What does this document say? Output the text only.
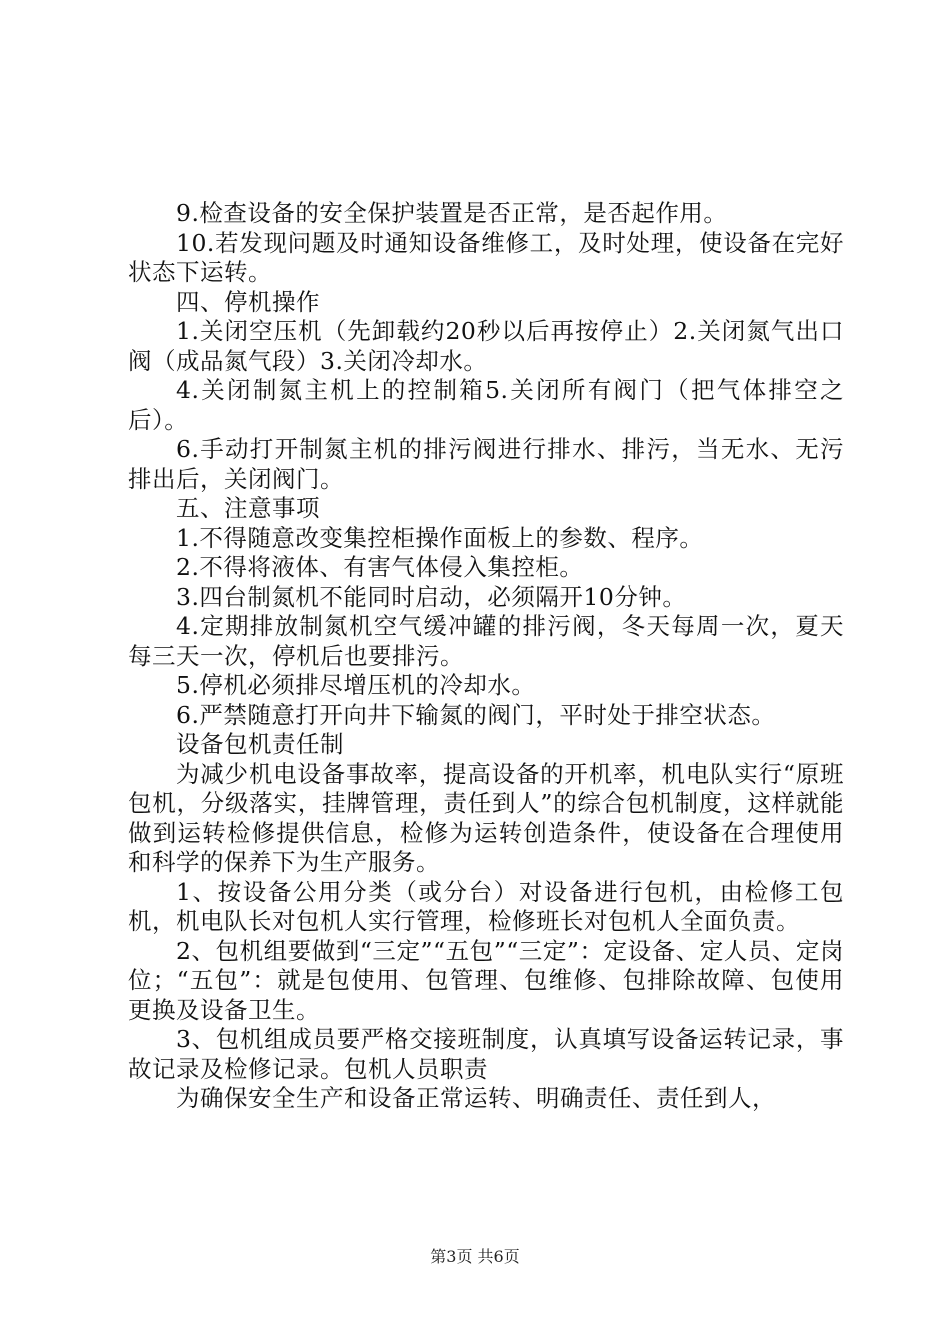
9.检查设备的安全保护装置是否正常，是否起作用。

10.若发现问题及时通知设备维修工，及时处理，使设备在完好状态下运转。

四、停机操作

1.关闭空压机（先卸载约20秒以后再按停止）2.关闭氮气出口阀（成品氮气段）3.关闭冷却水。

4.关闭制氮主机上的控制箱5.关闭所有阀门（把气体排空之后）。

6.手动打开制氮主机的排污阀进行排水、排污，当无水、无污排出后，关闭阀门。

五、注意事项

1.不得随意改变集控柜操作面板上的参数、程序。

2.不得将液体、有害气体侵入集控柜。

3.四台制氮机不能同时启动，必须隔开10分钟。

4.定期排放制氮机空气缓冲罐的排污阀，冬天每周一次，夏天每三天一次，停机后也要排污。

5.停机必须排尽增压机的冷却水。

6.严禁随意打开向井下输氮的阀门，平时处于排空状态。

设备包机责任制

为减少机电设备事故率，提高设备的开机率，机电队实行“原班包机，分级落实，挂牌管理，责任到人”的综合包机制度，这样就能做到运转检修提供信息，检修为运转创造条件，使设备在合理使用和科学的保养下为生产服务。

1、按设备公用分类（或分台）对设备进行包机，由检修工包机，机电队长对包机人实行管理，检修班长对包机人全面负责。

2、包机组要做到“三定”“五包”“三定”：定设备、定人员、定岗位；“五包”：就是包使用、包管理、包维修、包排除故障、包使用更换及设备卫生。

3、包机组成员要严格交接班制度，认真填写设备运转记录，事故记录及检修记录。包机人员职责

为确保安全生产和设备正常运转、明确责任、责任到人，

第3页 共6页
